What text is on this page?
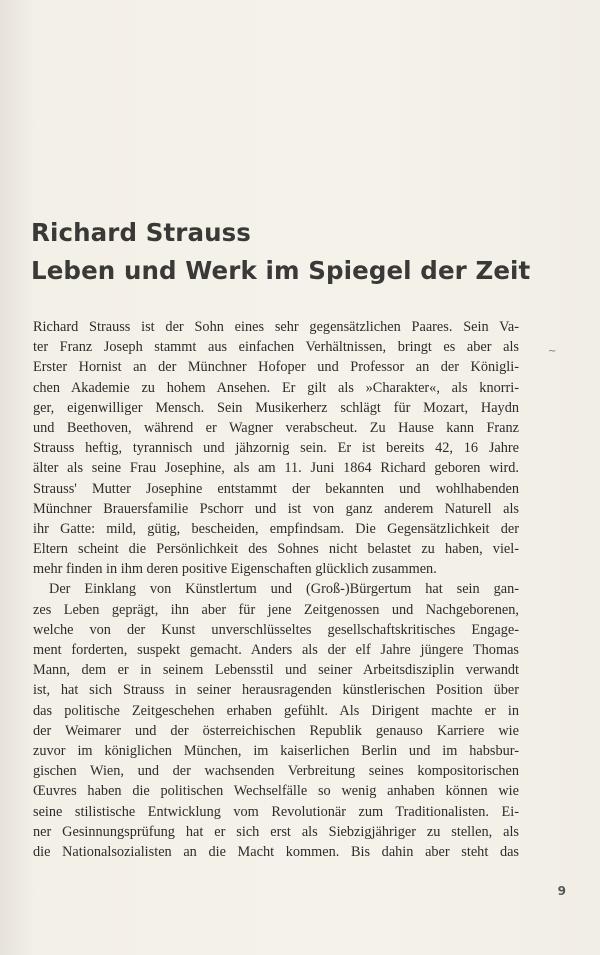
Richard Strauss
Leben und Werk im Spiegel der Zeit
~
Richard Strauss ist der Sohn eines sehr gegensätzlichen Paares. Sein Va-
ter Franz Joseph stammt aus einfachen Verhältnissen, bringt es aber als
Erster Hornist an der Münchner Hofoper und Professor an der Königli-
chen Akademie zu hohem Ansehen. Er gilt als »Charakter«, als knorri-
ger, eigenwilliger Mensch. Sein Musikerherz schlägt für Mozart, Haydn
und Beethoven, während er Wagner verabscheut. Zu Hause kann Franz
Strauss heftig, tyrannisch und jähzornig sein. Er ist bereits 42, 16 Jahre
älter als seine Frau Josephine, als am 11. Juni 1864 Richard geboren wird.
Strauss' Mutter Josephine entstammt der bekannten und wohlhabenden
Münchner Brauersfamilie Pschorr und ist von ganz anderem Naturell als
ihr Gatte: mild, gütig, bescheiden, empfindsam. Die Gegensätzlichkeit der
Eltern scheint die Persönlichkeit des Sohnes nicht belastet zu haben, viel-
mehr finden in ihm deren positive Eigenschaften glücklich zusammen.
Der Einklang von Künstlertum und (Groß-)Bürgertum hat sein gan-
zes Leben geprägt, ihn aber für jene Zeitgenossen und Nachgeborenen,
welche von der Kunst unverschlüsseltes gesellschaftskritisches Engage-
ment forderten, suspekt gemacht. Anders als der elf Jahre jüngere Thomas
Mann, dem er in seinem Lebensstil und seiner Arbeitsdisziplin verwandt
ist, hat sich Strauss in seiner herausragenden künstlerischen Position über
das politische Zeitgeschehen erhaben gefühlt. Als Dirigent machte er in
der Weimarer und der österreichischen Republik genauso Karriere wie
zuvor im königlichen München, im kaiserlichen Berlin und im habsbur-
gischen Wien, und der wachsenden Verbreitung seines kompositorischen
Œuvres haben die politischen Wechselfälle so wenig anhaben können wie
seine stilistische Entwicklung vom Revolutionär zum Traditionalisten. Ei-
ner Gesinnungsprüfung hat er sich erst als Siebzigjähriger zu stellen, als
die Nationalsozialisten an die Macht kommen. Bis dahin aber steht das
9
